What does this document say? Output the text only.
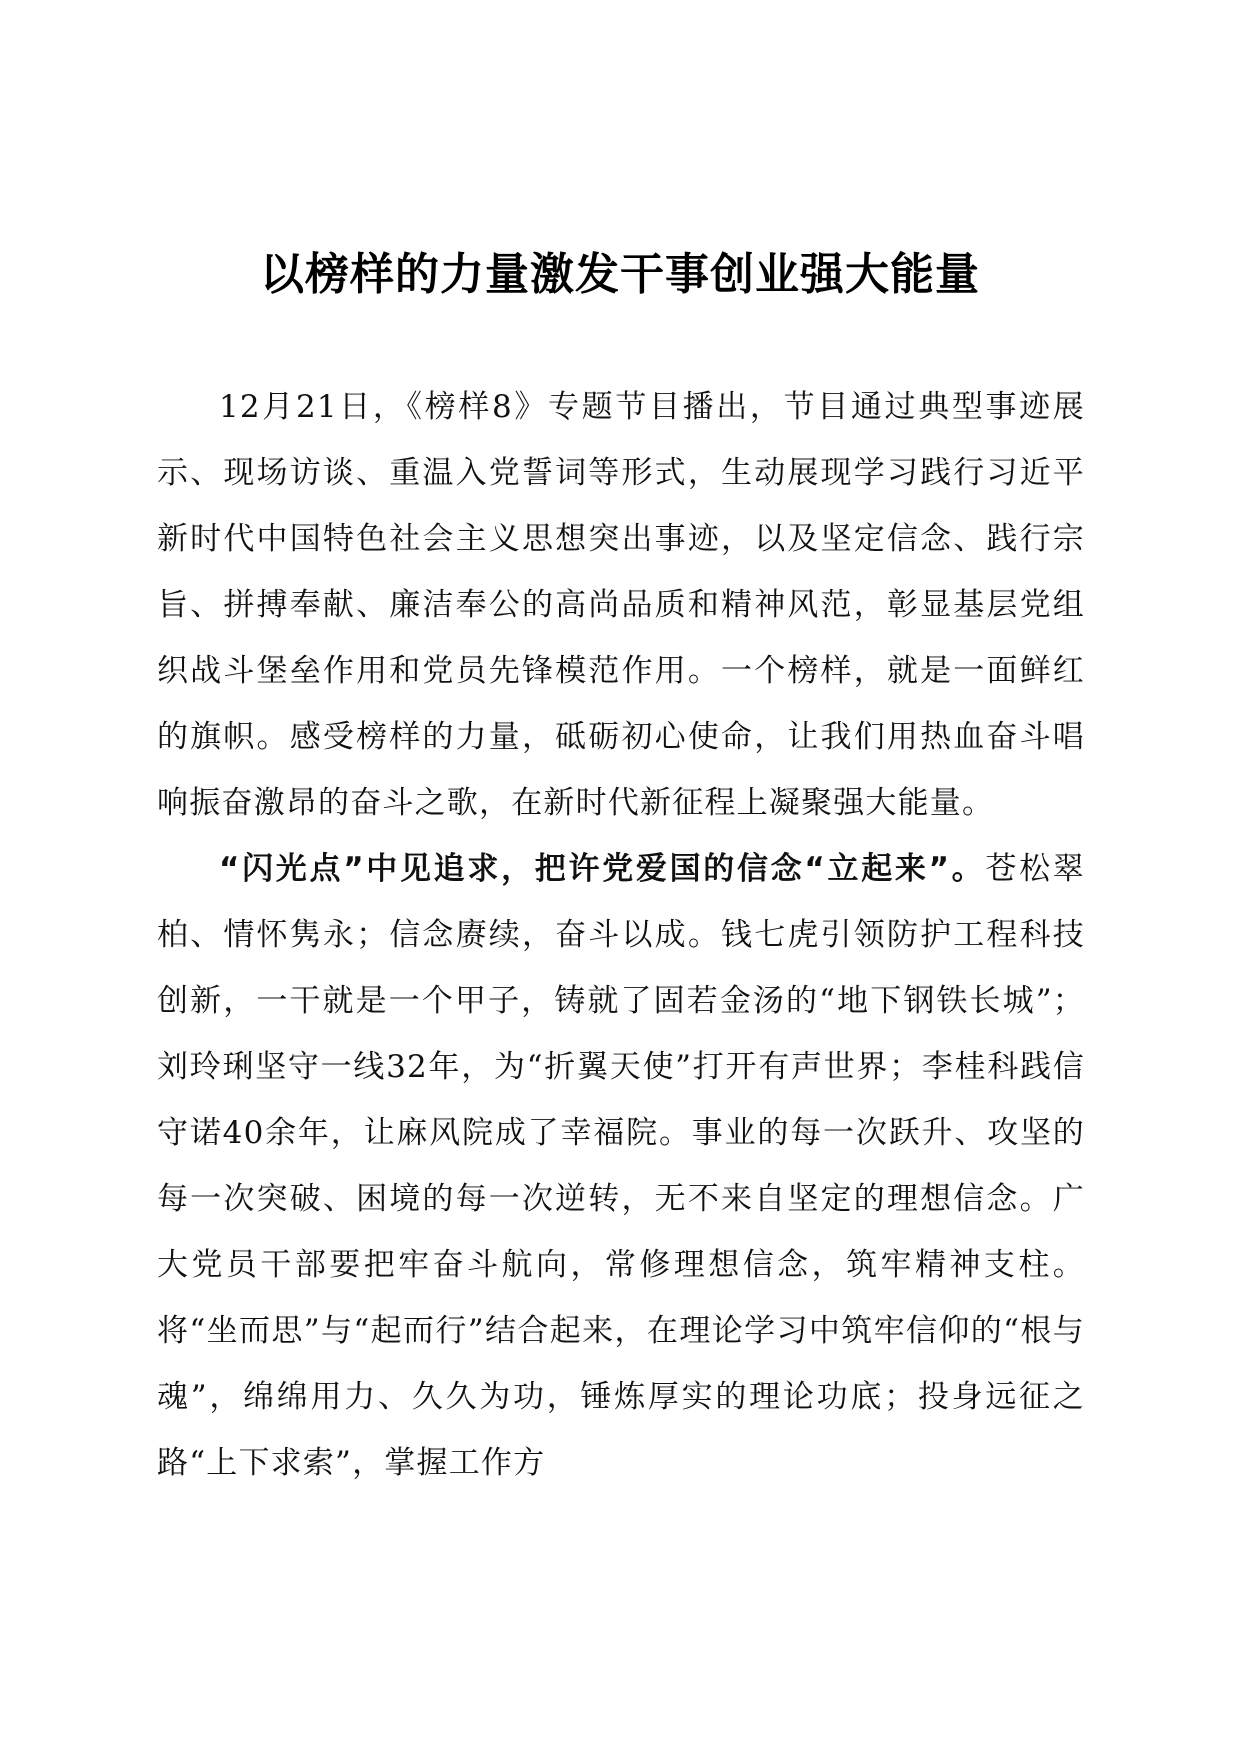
以榜样的力量激发干事创业强大能量

12月21日，《榜样8》专题节目播出，节目通过典型事迹展示、现场访谈、重温入党誓词等形式，生动展现学习践行习近平新时代中国特色社会主义思想突出事迹，以及坚定信念、践行宗旨、拼搏奉献、廉洁奉公的高尚品质和精神风范，彰显基层党组织战斗堡垒作用和党员先锋模范作用。一个榜样，就是一面鲜红的旗帜。感受榜样的力量，砥砺初心使命，让我们用热血奋斗唱响振奋激昂的奋斗之歌，在新时代新征程上凝聚强大能量。

“闪光点”中见追求，把许党爱国的信念“立起来”。苍松翠柏、情怀隽永；信念赓续，奋斗以成。钱七虎引领防护工程科技创新，一干就是一个甲子，铸就了固若金汤的“地下钢铁长城”；刘玲琍坚守一线32年，为“折翼天使”打开有声世界；李桂科践信守诺40余年，让麻风院成了幸福院。事业的每一次跃升、攻坚的每一次突破、困境的每一次逆转，无不来自坚定的理想信念。广大党员干部要把牢奋斗航向，常修理想信念，筑牢精神支柱。将“坐而思”与“起而行”结合起来，在理论学习中筑牢信仰的“根与魂”，绵绵用力、久久为功，锤炼厚实的理论功底；投身远征之路“上下求索”，掌握工作方
